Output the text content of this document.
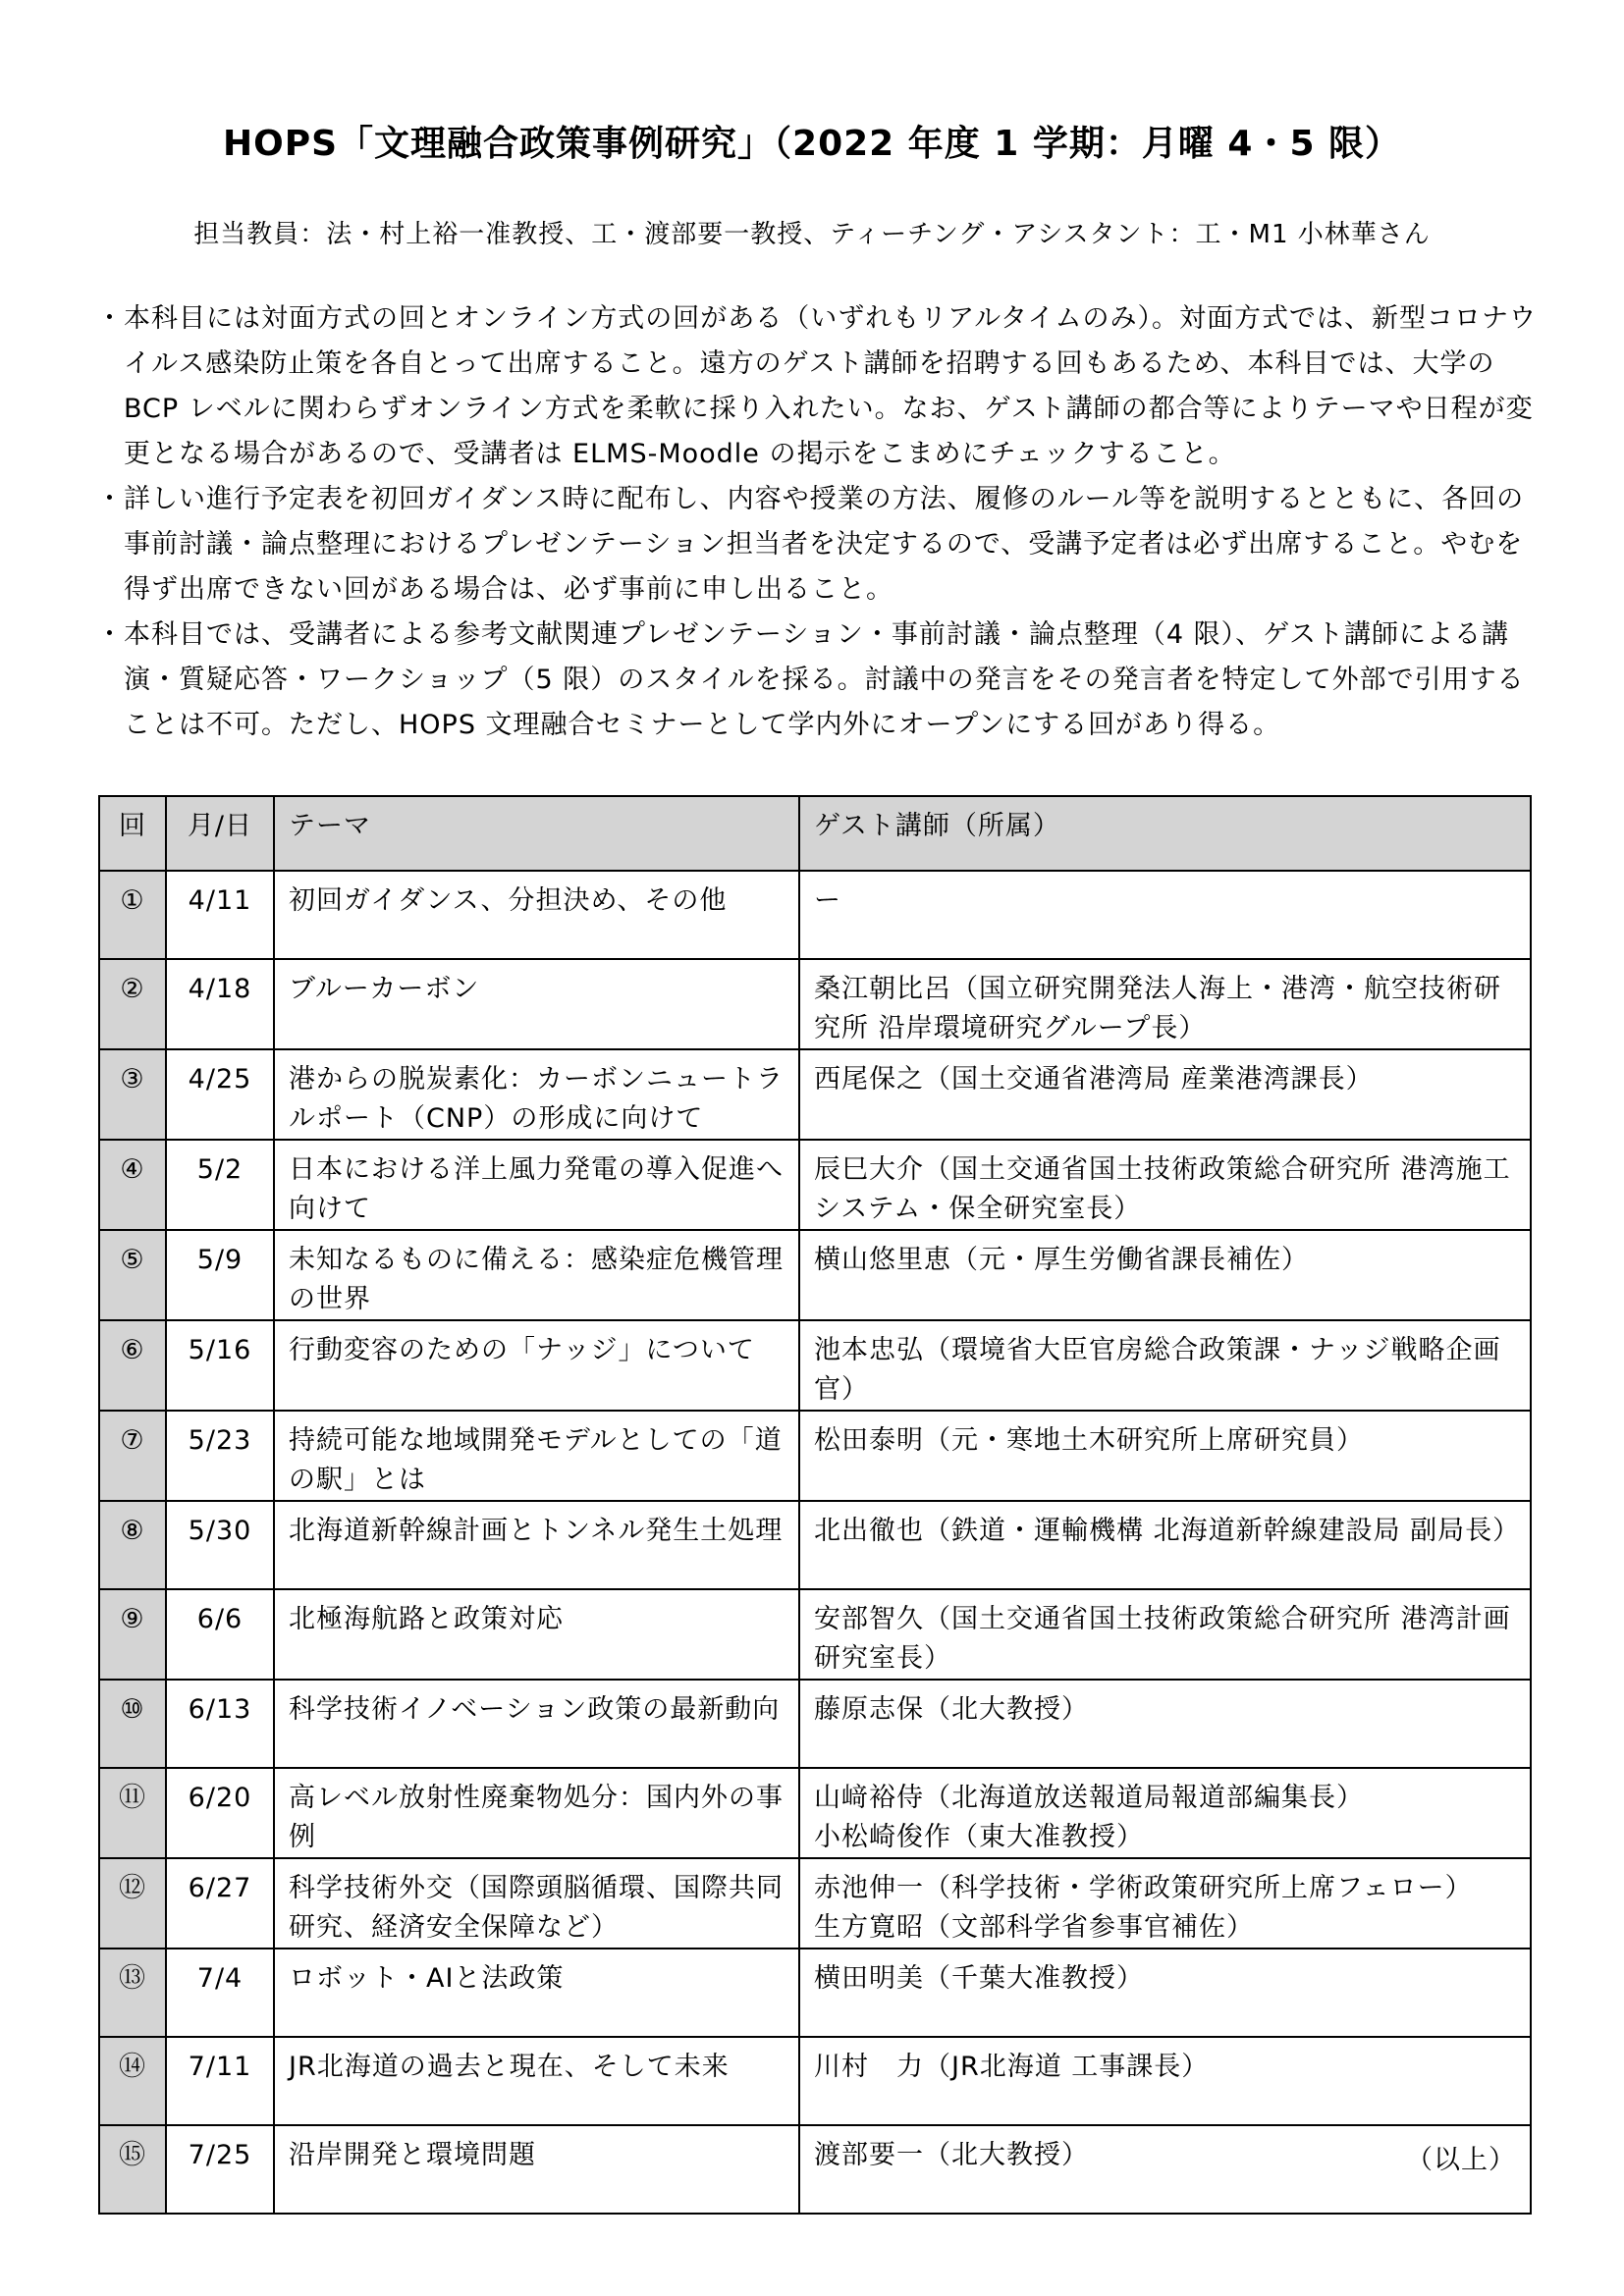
HOPS「文理融合政策事例研究」（2022 年度 1 学期：月曜 4・5 限）
担当教員：法・村上裕一准教授、工・渡部要一教授、ティーチング・アシスタント：工・M1 小林華さん

・ 本科目には対面方式の回とオンライン方式の回がある（いずれもリアルタイムのみ）。対面方式では、新型コロナウイルス感染防止策を各自とって出席すること。遠方のゲスト講師を招聘する回もあるため、本科目では、大学の BCP レベルに関わらずオンライン方式を柔軟に採り入れたい。なお、ゲスト講師の都合等によりテーマや日程が変更となる場合があるので、受講者は ELMS-Moodle の掲示をこまめにチェックすること。

・ 詳しい進行予定表を初回ガイダンス時に配布し、内容や授業の方法、履修のルール等を説明するとともに、各回の事前討議・論点整理におけるプレゼンテーション担当者を決定するので、受講予定者は必ず出席すること。やむを得ず出席できない回がある場合は、必ず事前に申し出ること。

・ 本科目では、受講者による参考文献関連プレゼンテーション・事前討議・論点整理（4 限）、ゲスト講師による講演・質疑応答・ワークショップ（5 限）のスタイルを採る。討議中の発言をその発言者を特定して外部で引用することは不可。ただし、HOPS 文理融合セミナーとして学内外にオープンにする回があり得る。

回	月/日	テーマ	ゲスト講師（所属）
①	4/11	初回ガイダンス、分担決め、その他	ー
②	4/18	ブルーカーボン	桑江朝比呂（国立研究開発法人海上・港湾・航空技術研究所 沿岸環境研究グループ長）
③	4/25	港からの脱炭素化：カーボンニュートラルポート（CNP）の形成に向けて	西尾保之（国土交通省港湾局 産業港湾課長）
④	5/2	日本における洋上風力発電の導入促進へ向けて	辰巳大介（国土交通省国土技術政策総合研究所 港湾施工システム・保全研究室長）
⑤	5/9	未知なるものに備える：感染症危機管理の世界	横山悠里恵（元・厚生労働省課長補佐）
⑥	5/16	行動変容のための「ナッジ」について	池本忠弘（環境省大臣官房総合政策課・ナッジ戦略企画官）
⑦	5/23	持続可能な地域開発モデルとしての「道の駅」とは	松田泰明（元・寒地土木研究所上席研究員）
⑧	5/30	北海道新幹線計画とトンネル発生土処理	北出徹也（鉄道・運輸機構 北海道新幹線建設局 副局長）
⑨	6/6	北極海航路と政策対応	安部智久（国土交通省国土技術政策総合研究所 港湾計画研究室長）
⑩	6/13	科学技術イノベーション政策の最新動向	藤原志保（北大教授）
⑪	6/20	高レベル放射性廃棄物処分：国内外の事例	山﨑裕侍（北海道放送報道局報道部編集長）
小松崎俊作（東大准教授）
⑫	6/27	科学技術外交（国際頭脳循環、国際共同研究、経済安全保障など）	赤池伸一（科学技術・学術政策研究所上席フェロー）
生方寛昭（文部科学省参事官補佐）
⑬	7/4	ロボット・AIと法政策	横田明美（千葉大准教授）
⑭	7/11	JR北海道の過去と現在、そして未来	川村　力（JR北海道 工事課長）
⑮	7/25	沿岸開発と環境問題	渡部要一（北大教授）	（以上）
